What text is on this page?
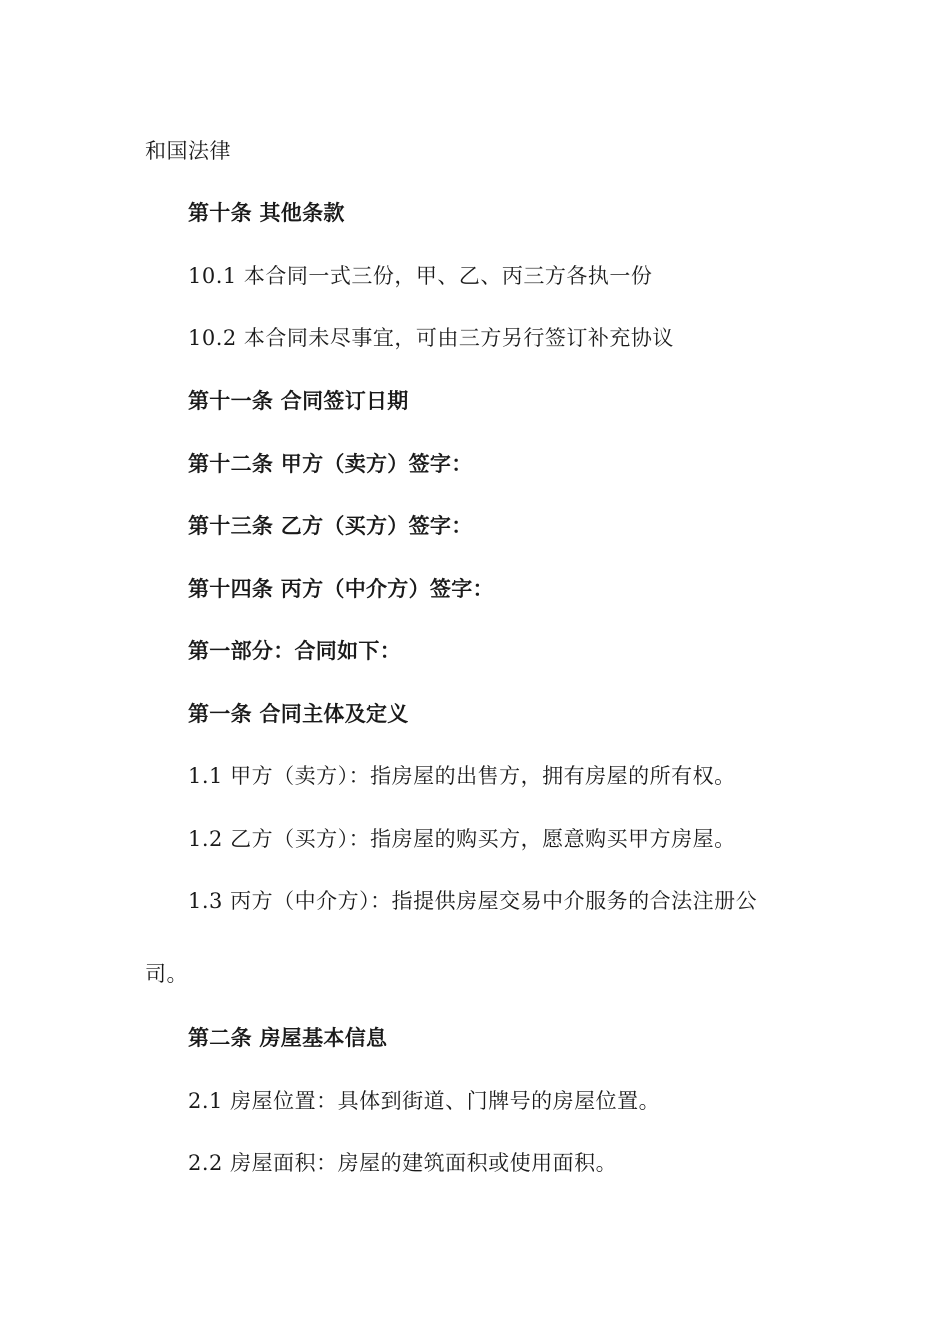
和国法律
第十条 其他条款
10.1 本合同一式三份，甲、乙、丙三方各执一份
10.2 本合同未尽事宜，可由三方另行签订补充协议
第十一条 合同签订日期
第十二条 甲方（卖方）签字：
第十三条 乙方（买方）签字：
第十四条 丙方（中介方）签字：
第一部分：合同如下：
第一条 合同主体及定义
1.1 甲方（卖方）：指房屋的出售方，拥有房屋的所有权。
1.2 乙方（买方）：指房屋的购买方，愿意购买甲方房屋。
1.3 丙方（中介方）：指提供房屋交易中介服务的合法注册公
司。
第二条 房屋基本信息
2.1 房屋位置：具体到街道、门牌号的房屋位置。
2.2 房屋面积：房屋的建筑面积或使用面积。
